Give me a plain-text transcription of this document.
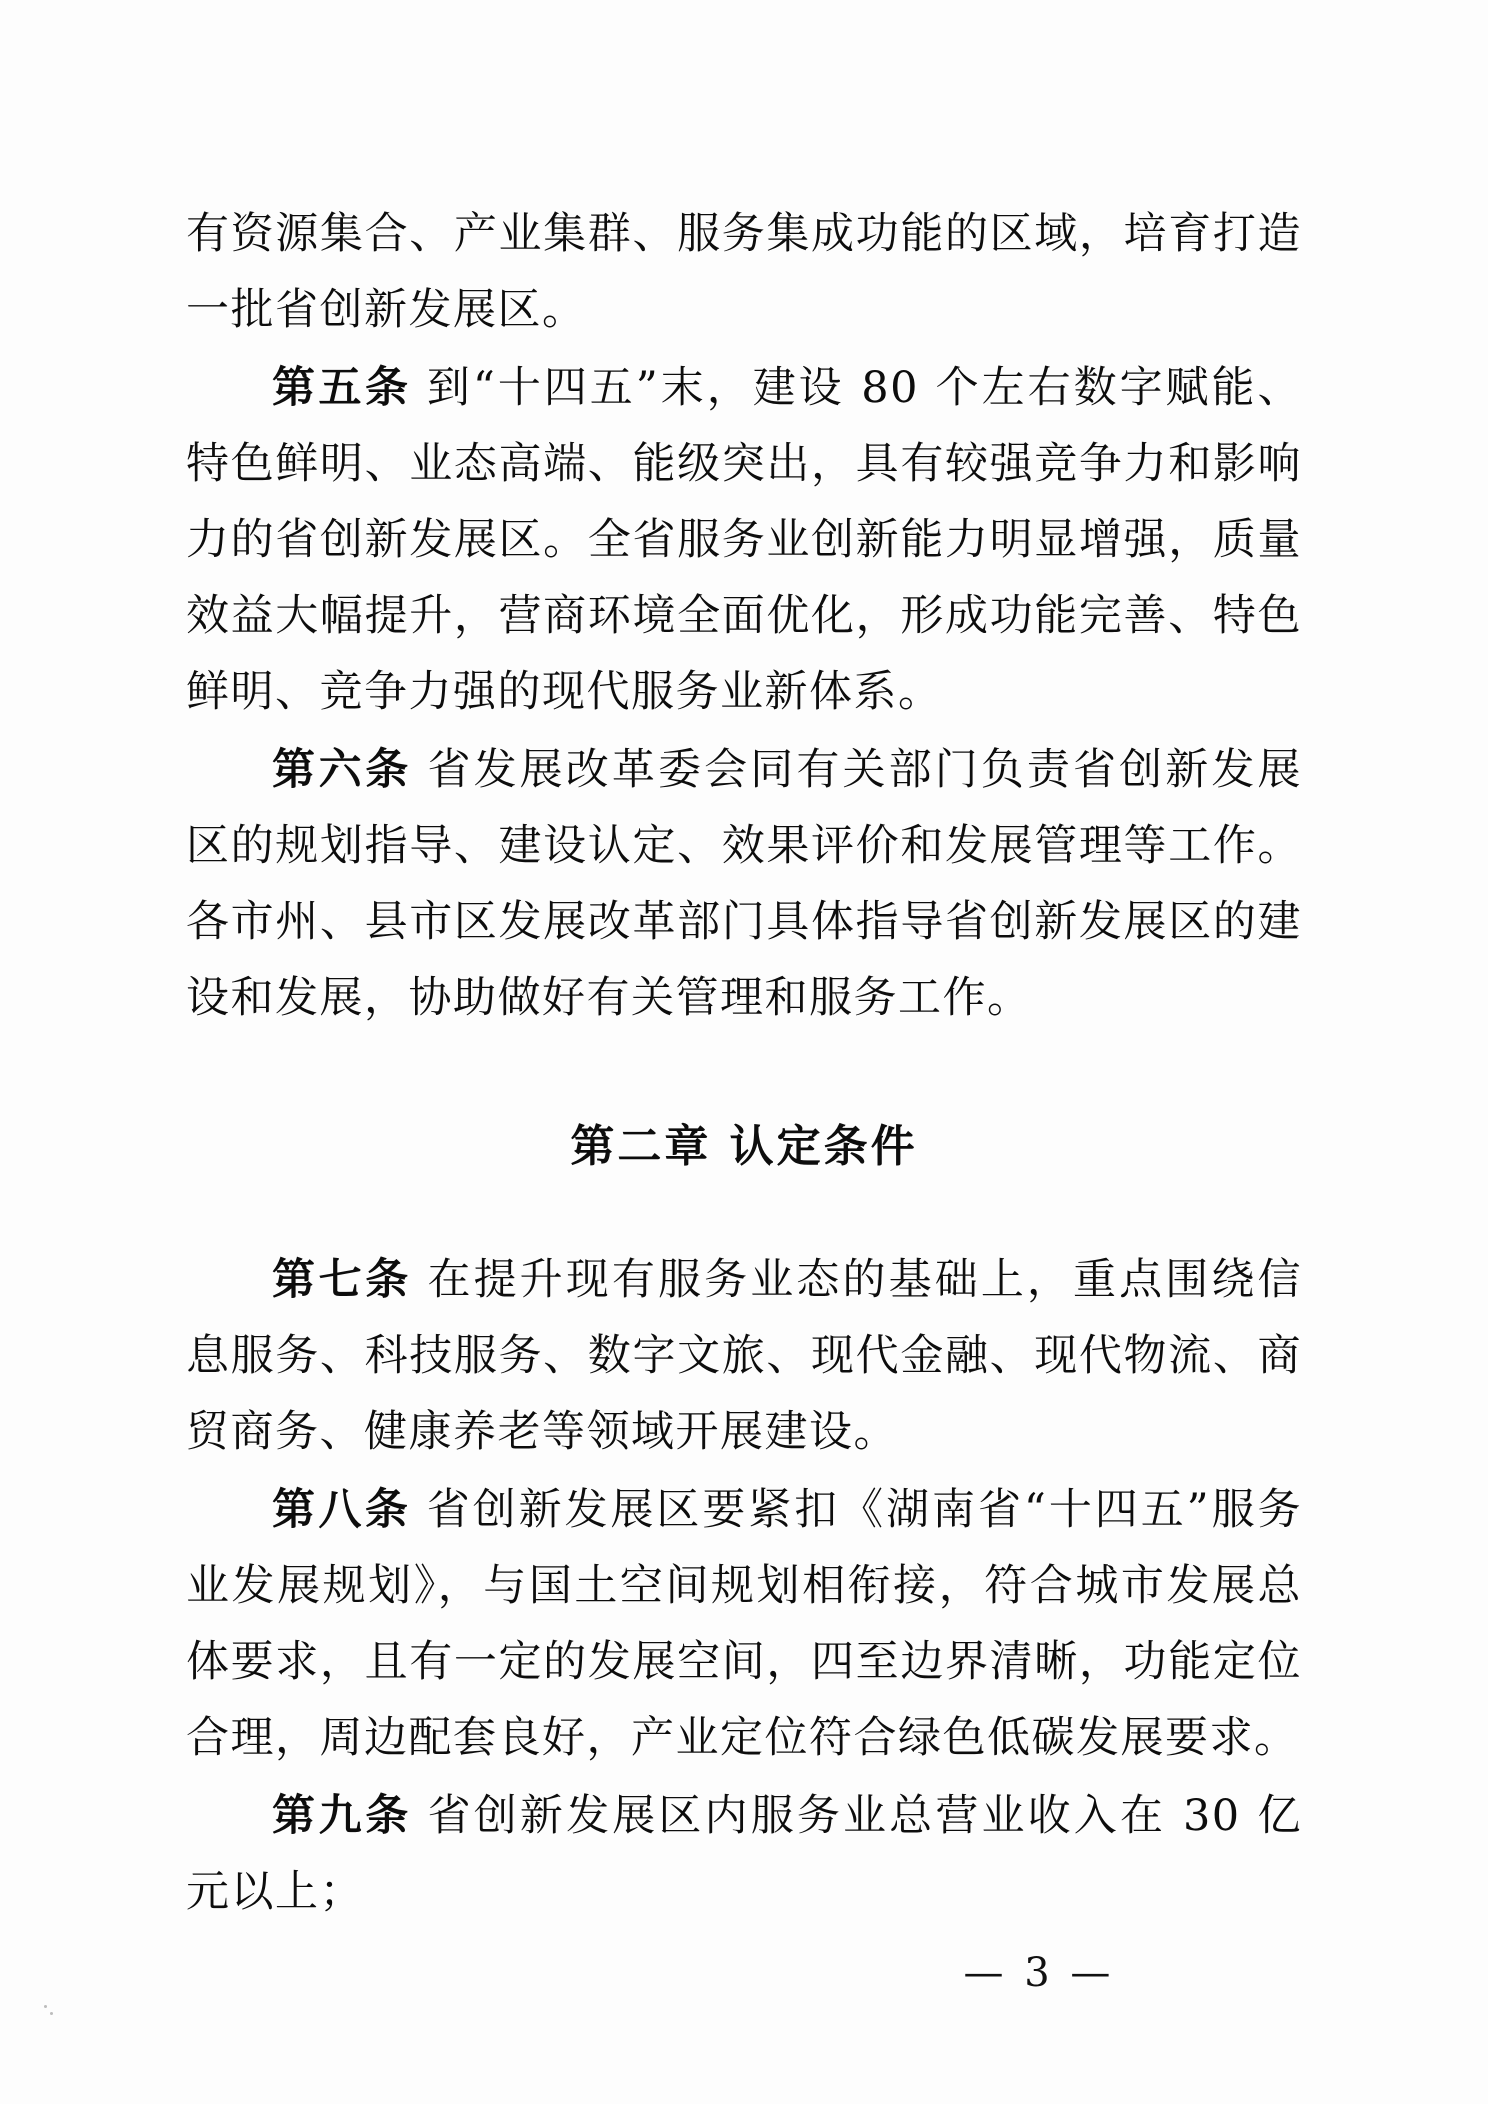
有资源集合、产业集群、服务集成功能的区域，培育打造一批省创新发展区。

第五条 到“十四五”末，建设 80 个左右数字赋能、特色鲜明、业态高端、能级突出，具有较强竞争力和影响力的省创新发展区。全省服务业创新能力明显增强，质量效益大幅提升，营商环境全面优化，形成功能完善、特色鲜明、竞争力强的现代服务业新体系。

第六条 省发展改革委会同有关部门负责省创新发展区的规划指导、建设认定、效果评价和发展管理等工作。各市州、县市区发展改革部门具体指导省创新发展区的建设和发展，协助做好有关管理和服务工作。

第二章 认定条件

第七条 在提升现有服务业态的基础上，重点围绕信息服务、科技服务、数字文旅、现代金融、现代物流、商贸商务、健康养老等领域开展建设。

第八条 省创新发展区要紧扣《湖南省“十四五”服务业发展规划》，与国土空间规划相衔接，符合城市发展总体要求，且有一定的发展空间，四至边界清晰，功能定位合理，周边配套良好，产业定位符合绿色低碳发展要求。

第九条 省创新发展区内服务业总营业收入在 30 亿元以上；

— 3 —
